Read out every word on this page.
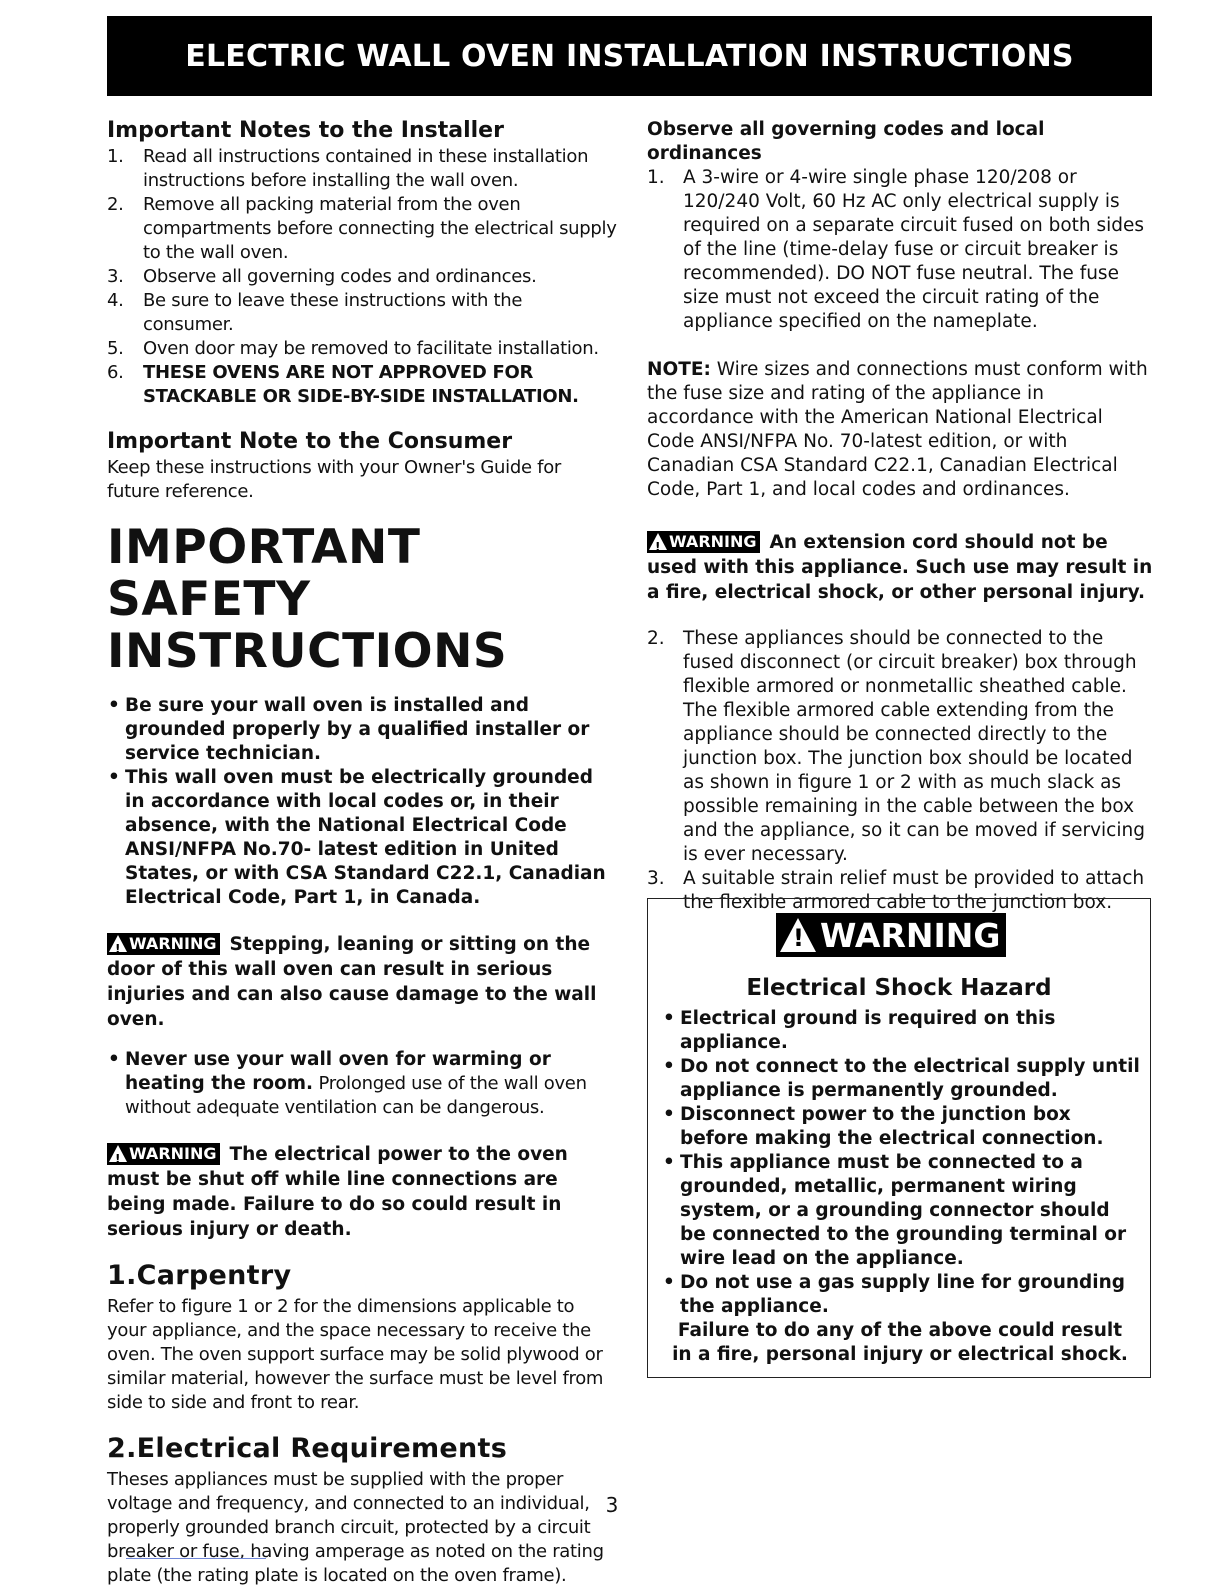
ELECTRIC WALL OVEN INSTALLATION INSTRUCTIONS
Important Notes to the Installer
1. Read all instructions contained in these installation instructions before installing the wall oven.
2. Remove all packing material from the oven compartments before connecting the electrical supply to the wall oven.
3. Observe all governing codes and ordinances.
4. Be sure to leave these instructions with the consumer.
5. Oven door may be removed to facilitate installation.
6. THESE OVENS ARE NOT APPROVED FOR STACKABLE OR SIDE-BY-SIDE INSTALLATION.
Important Note to the Consumer

Keep these instructions with your Owner's Guide for future reference.

IMPORTANT SAFETY
INSTRUCTIONS
• Be sure your wall oven is installed and grounded properly by a qualified installer or service technician.
• This wall oven must be electrically grounded in accordance with local codes or, in their absence, with the National Electrical Code ANSI/NFPA No.70- latest edition in United States, or with CSA Standard C22.1, Canadian Electrical Code, Part 1, in Canada.

!
WARNING Stepping, leaning or sitting on the door of this wall oven can result in serious injuries and can also cause damage to the wall oven.

• Never use your wall oven for warming or heating the room. Prolonged use of the wall oven without adequate ventilation can be dangerous.

!
WARNING The electrical power to the oven must be shut off while line connections are being made. Failure to do so could result in serious injury or death.

1.Carpentry

Refer to figure 1 or 2 for the dimensions applicable to your appliance, and the space necessary to receive the oven. The oven support surface may be solid plywood or similar material, however the surface must be level from side to side and front to rear.

2.Electrical Requirements

Theses appliances must be supplied with the proper voltage and frequency, and connected to an individual, properly grounded branch circuit, protected by a circuit breaker or fuse, having amperage as noted on the rating plate (the rating plate is located on the oven frame).

Observe all governing codes and local ordinances
1. A 3-wire or 4-wire single phase 120/208 or 120/240 Volt, 60 Hz AC only electrical supply is required on a separate circuit fused on both sides of the line (time-delay fuse or circuit breaker is recommended). DO NOT fuse neutral. The fuse size must not exceed the circuit rating of the appliance specified on the nameplate.

NOTE: Wire sizes and connections must conform with the fuse size and rating of the appliance in accordance with the American National Electrical Code ANSI/NFPA No. 70-latest edition, or with Canadian CSA Standard C22.1, Canadian Electrical Code, Part 1, and local codes and ordinances.

!
WARNING An extension cord should not be used with this appliance. Such use may result in a fire, electrical shock, or other personal injury.

2. These appliances should be connected to the fused disconnect (or circuit breaker) box through flexible armored or nonmetallic sheathed cable. The flexible armored cable extending from the appliance should be connected directly to the junction box. The junction box should be located as shown in figure 1 or 2 with as much slack as possible remaining in the cable between the box and the appliance, so it can be moved if servicing is ever necessary.
3. A suitable strain relief must be provided to attach the flexible armored cable to the junction box.
!
WARNING
Electrical Shock Hazard
• Electrical ground is required on this appliance.
• Do not connect to the electrical supply until appliance is permanently grounded.
• Disconnect power to the junction box before making the electrical connection.
• This appliance must be connected to a grounded, metallic, permanent wiring system, or a grounding connector should be connected to the grounding terminal or wire lead on the appliance.
• Do not use a gas supply line for grounding the appliance.
Failure to do any of the above could result in a fire, personal injury or electrical shock.
3
